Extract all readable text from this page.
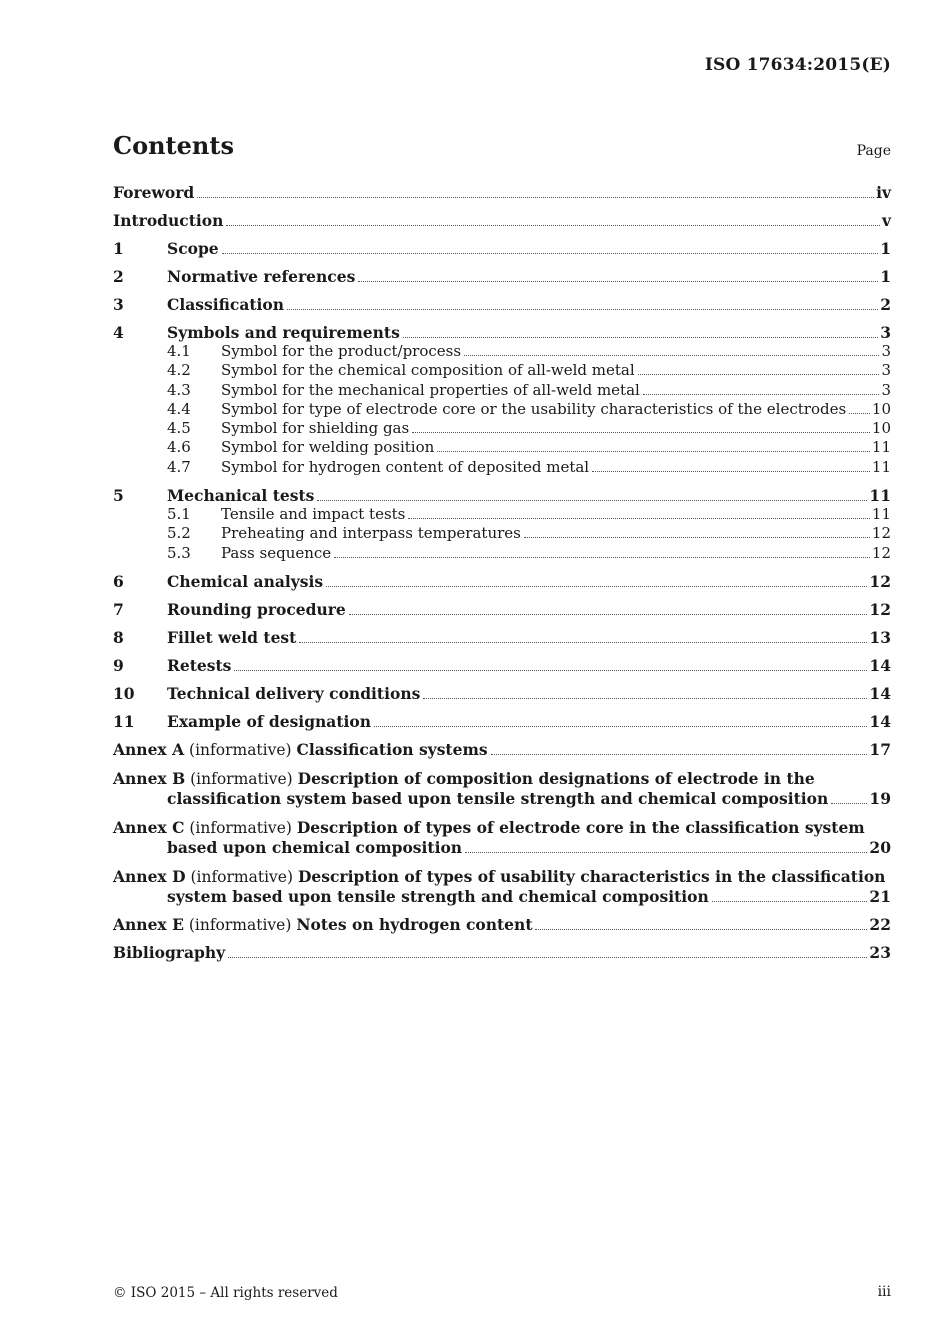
ISO 17634:2015(E)
Contents	Page
Foreword	iv
Introduction	v
1	Scope	1
2	Normative references	1
3	Classification	2
4	Symbols and requirements	3
4.1	Symbol for the product/process	3
4.2	Symbol for the chemical composition of all-weld metal	3
4.3	Symbol for the mechanical properties of all-weld metal	3
4.4	Symbol for type of electrode core or the usability characteristics of the electrodes 10
4.5	Symbol for shielding gas	10
4.6	Symbol for welding position	11
4.7	Symbol for hydrogen content of deposited metal	11
5	Mechanical tests	11
5.1	Tensile and impact tests	11
5.2	Preheating and interpass temperatures	12
5.3	Pass sequence	12
6	Chemical analysis	12
7	Rounding procedure	12
8	Fillet weld test	13
9	Retests	14
10	Technical delivery conditions	14
11	Example of designation	14
Annex A (informative) Classification systems	17
Annex B (informative) Description of composition designations of electrode in the
classification system based upon tensile strength and chemical composition	19
Annex C (informative) Description of types of electrode core in the classification system
based upon chemical composition	20
Annex D (informative) Description of types of usability characteristics in the classification
system based upon tensile strength and chemical composition	21
Annex E (informative) Notes on hydrogen content	22
Bibliography	23
© ISO 2015 – All rights reserved	iii
